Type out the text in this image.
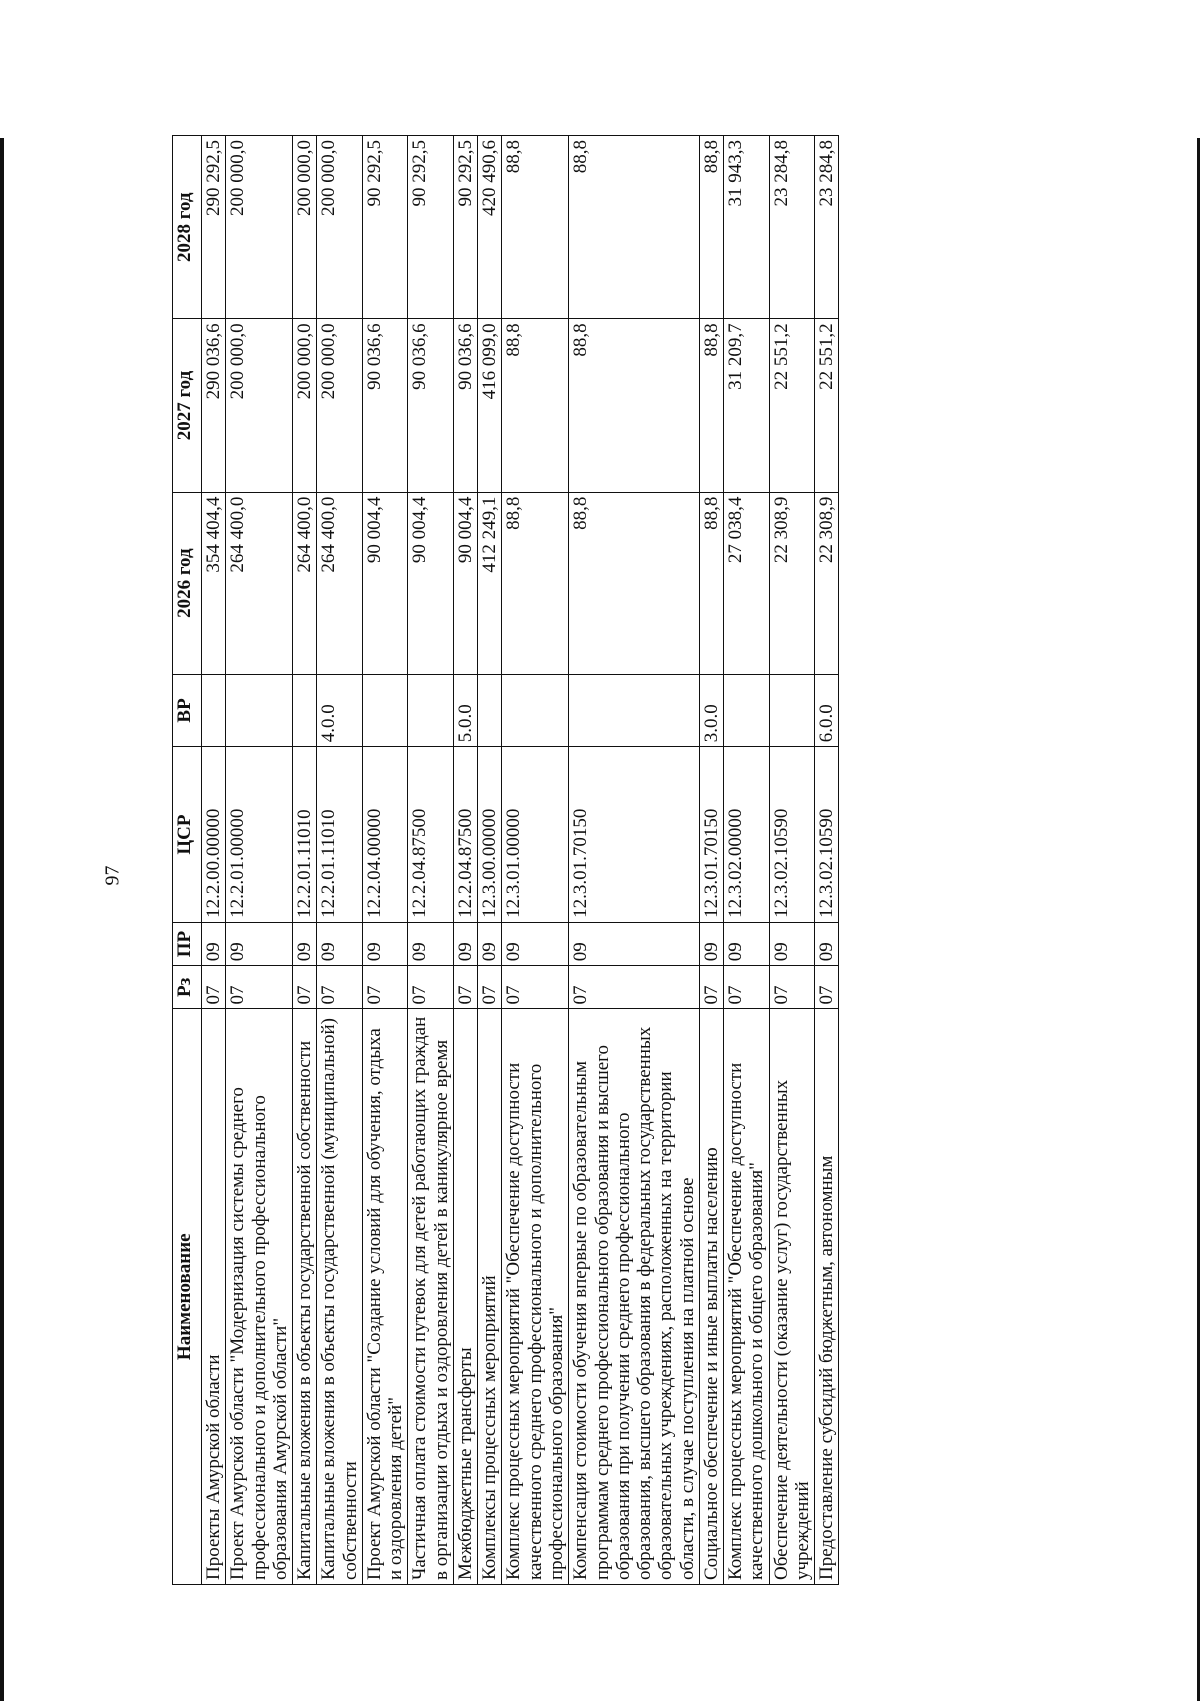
97
Наименование	Рз	ПР	ЦСР	ВР	2026 год	2027 год	2028 год
Проекты Амурской области	07	09	12.2.00.00000		354 404,4	290 036,6	290 292,5
Проект Амурской области "Модернизация системы среднего профессионального и дополнительного профессионального образования Амурской области"	07	09	12.2.01.00000		264 400,0	200 000,0	200 000,0
Капитальные вложения в объекты государственной собственности	07	09	12.2.01.11010		264 400,0	200 000,0	200 000,0
Капитальные вложения в объекты государственной (муниципальной) собственности	07	09	12.2.01.11010	4.0.0	264 400,0	200 000,0	200 000,0
Проект Амурской области "Создание условий для обучения, отдыха и оздоровления детей"	07	09	12.2.04.00000		90 004,4	90 036,6	90 292,5
Частичная оплата стоимости путевок для детей работающих граждан в организации отдыха и оздоровления детей в каникулярное время	07	09	12.2.04.87500		90 004,4	90 036,6	90 292,5
Межбюджетные трансферты	07	09	12.2.04.87500	5.0.0	90 004,4	90 036,6	90 292,5
Комплексы процессных мероприятий	07	09	12.3.00.00000		412 249,1	416 099,0	420 490,6
Комплекс процессных мероприятий "Обеспечение доступности качественного среднего профессионального и дополнительного профессионального образования"	07	09	12.3.01.00000		88,8	88,8	88,8
Компенсация стоимости обучения впервые по образовательным программам среднего профессионального образования и высшего образования при получении среднего профессионального образования, высшего образования в федеральных государственных образовательных учреждениях, расположенных на территории области, в случае поступления на платной основе	07	09	12.3.01.70150		88,8	88,8	88,8
Социальное обеспечение и иные выплаты населению	07	09	12.3.01.70150	3.0.0	88,8	88,8	88,8
Комплекс процессных мероприятий "Обеспечение доступности качественного дошкольного и общего образования"	07	09	12.3.02.00000		27 038,4	31 209,7	31 943,3
Обеспечение деятельности (оказание услуг) государственных учреждений	07	09	12.3.02.10590		22 308,9	22 551,2	23 284,8
Предоставление субсидий бюджетным, автономным	07	09	12.3.02.10590	6.0.0	22 308,9	22 551,2	23 284,8
